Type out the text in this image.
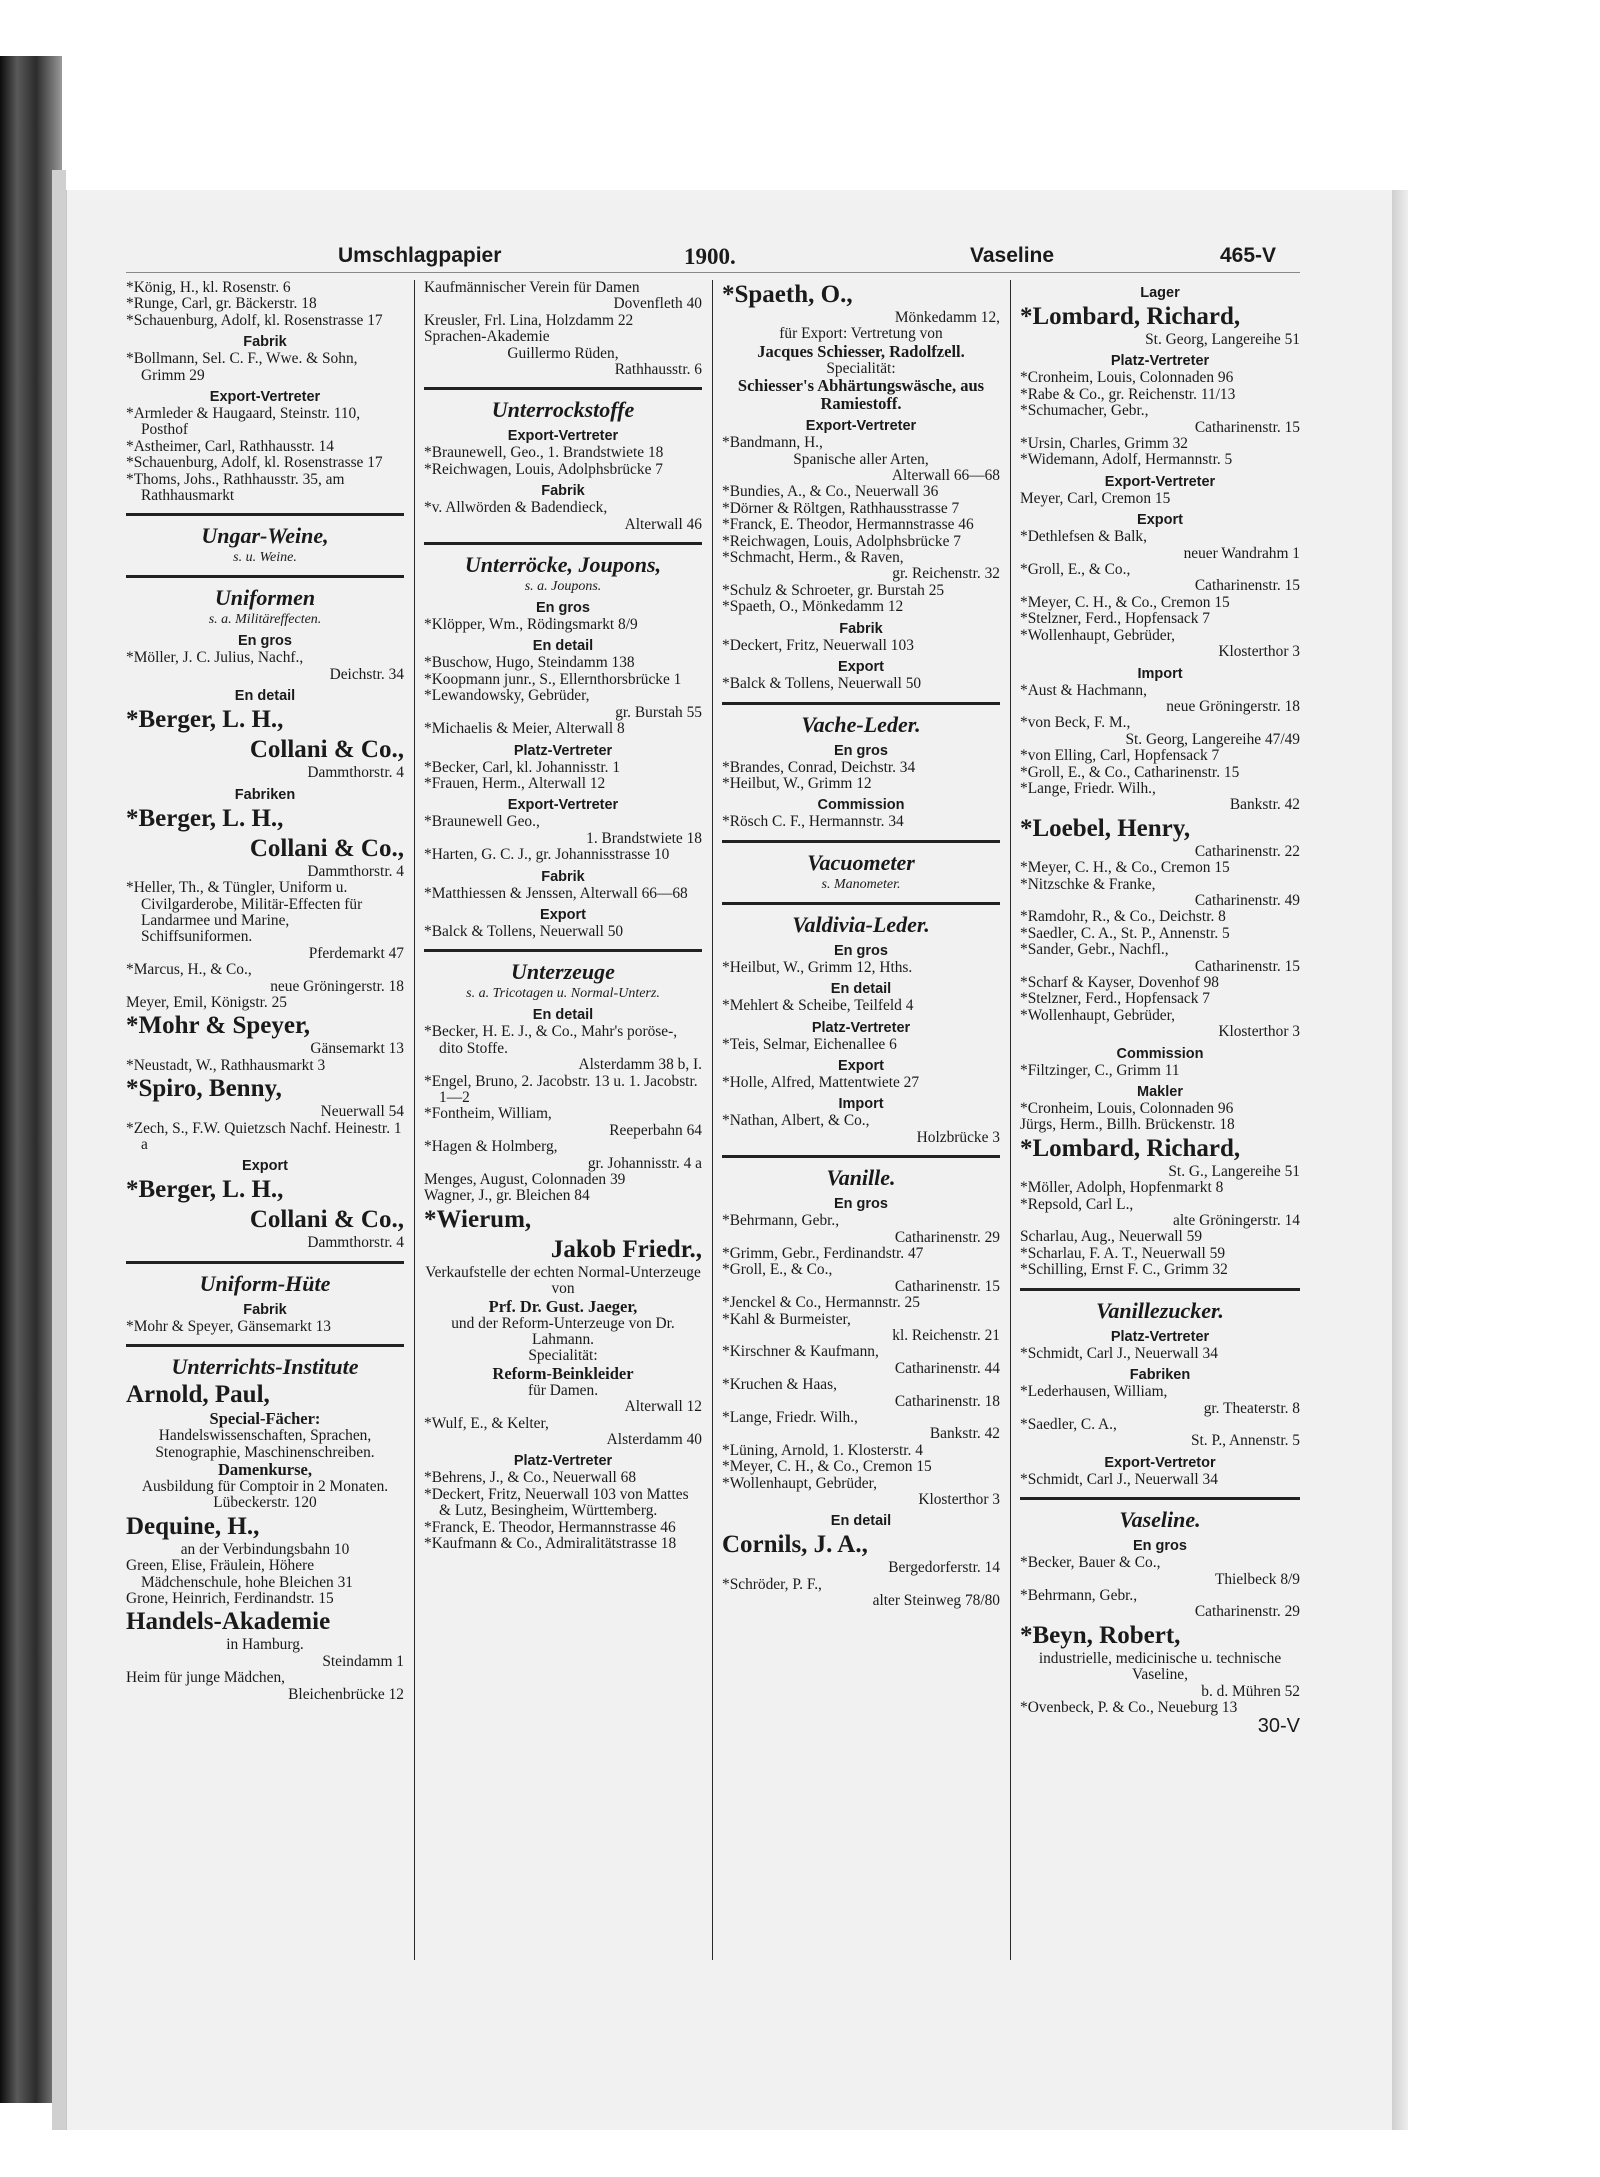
Umschlagpapier	1900.	Vaseline	465-V
*König, H., kl. Rosenstr. 6
*Runge, Carl, gr. Bäckerstr. 18
*Schauenburg, Adolf, kl. Rosenstrasse 17
Fabrik
*Bollmann, Sel. C. F., Wwe. & Sohn, Grimm 29
Export-Vertreter
*Armleder & Haugaard, Steinstr. 110, Posthof
*Astheimer, Carl, Rathhausstr. 14
*Schauenburg, Adolf, kl. Rosenstrasse 17
*Thoms, Johs., Rathhausstr. 35, am Rathhausmarkt
Ungar-Weine,
s. u. Weine.
Uniformen
s. a. Militäreffecten.
En gros
*Möller, J. C. Julius, Nachf.,
Deichstr. 34
En detail
*Berger, L. H.,
Collani & Co.,
Dammthorstr. 4
Fabriken
*Berger, L. H.,
Collani & Co.,
Dammthorstr. 4
*Heller, Th., & Tüngler, Uniform u. Civilgarderobe, Militär-Effecten für Landarmee und Marine, Schiffsuniformen.
Pferdemarkt 47
*Marcus, H., & Co.,
neue Gröningerstr. 18
Meyer, Emil, Königstr. 25
*Mohr & Speyer,
Gänsemarkt 13
*Neustadt, W., Rathhausmarkt 3
*Spiro, Benny,
Neuerwall 54
*Zech, S., F.W. Quietzsch Nachf. Heinestr. 1 a
Export
*Berger, L. H.,
Collani & Co.,
Dammthorstr. 4
Uniform-Hüte
Fabrik
*Mohr & Speyer, Gänsemarkt 13
Unterrichts-Institute
Arnold, Paul,
Special-Fächer:
Handelswissenschaften, Sprachen, Stenographie, Maschinenschreiben.
Damenkurse,
Ausbildung für Comptoir in 2 Monaten. Lübeckerstr. 120
Dequine, H.,
an der Verbindungsbahn 10
Green, Elise, Fräulein, Höhere Mädchenschule, hohe Bleichen 31
Grone, Heinrich, Ferdinandstr. 15
Handels-Akademie
in Hamburg.
Steindamm 1
Heim für junge Mädchen,
Bleichenbrücke 12
Kaufmännischer Verein für Damen
Dovenfleth 40
Kreusler, Frl. Lina, Holzdamm 22
Sprachen-Akademie
Guillermo Rüden,
Rathhausstr. 6
Unterrockstoffe
Export-Vertreter
*Braunewell, Geo., 1. Brandstwiete 18
*Reichwagen, Louis, Adolphsbrücke 7
Fabrik
*v. Allwörden & Badendieck,
Alterwall 46
Unterröcke, Joupons,
s. a. Joupons.
En gros
*Klöpper, Wm., Rödingsmarkt 8/9
En detail
*Buschow, Hugo, Steindamm 138
*Koopmann junr., S., Ellernthorsbrücke 1
*Lewandowsky, Gebrüder,
gr. Burstah 55
*Michaelis & Meier, Alterwall 8
Platz-Vertreter
*Becker, Carl, kl. Johannisstr. 1
*Frauen, Herm., Alterwall 12
Export-Vertreter
*Braunewell Geo.,
1. Brandstwiete 18
*Harten, G. C. J., gr. Johannisstrasse 10
Fabrik
*Matthiessen & Jenssen, Alterwall 66—68
Export
*Balck & Tollens, Neuerwall 50
Unterzeuge
s. a. Tricotagen u. Normal-Unterz.
En detail
*Becker, H. E. J., & Co., Mahr's poröse-, dito Stoffe.
Alsterdamm 38 b, I.
*Engel, Bruno, 2. Jacobstr. 13 u. 1. Jacobstr. 1—2
*Fontheim, William,
Reeperbahn 64
*Hagen & Holmberg,
gr. Johannisstr. 4 a
Menges, August, Colonnaden 39
Wagner, J., gr. Bleichen 84
*Wierum,
Jakob Friedr.,
Verkaufstelle der echten Normal-Unterzeuge von
Prf. Dr. Gust. Jaeger,
und der Reform-Unterzeuge von Dr. Lahmann.
Specialität:
Reform-Beinkleider
für Damen.
Alterwall 12
*Wulf, E., & Kelter,
Alsterdamm 40
Platz-Vertreter
*Behrens, J., & Co., Neuerwall 68
*Deckert, Fritz, Neuerwall 103 von Mattes & Lutz, Besingheim, Württemberg.
*Franck, E. Theodor, Hermannstrasse 46
*Kaufmann & Co., Admiralitätstrasse 18
*Spaeth, O.,
Mönkedamm 12,
für Export: Vertretung von
Jacques Schiesser, Radolfzell.
Specialität:
Schiesser's Abhärtungswäsche, aus Ramiestoff.
Export-Vertreter
*Bandmann, H.,
Spanische aller Arten,
Alterwall 66—68
*Bundies, A., & Co., Neuerwall 36
*Dörner & Röltgen, Rathhausstrasse 7
*Franck, E. Theodor, Hermannstrasse 46
*Reichwagen, Louis, Adolphsbrücke 7
*Schmacht, Herm., & Raven,
gr. Reichenstr. 32
*Schulz & Schroeter, gr. Burstah 25
*Spaeth, O., Mönkedamm 12
Fabrik
*Deckert, Fritz, Neuerwall 103
Export
*Balck & Tollens, Neuerwall 50
Vache-Leder.
En gros
*Brandes, Conrad, Deichstr. 34
*Heilbut, W., Grimm 12
Commission
*Rösch C. F., Hermannstr. 34
Vacuometer
s. Manometer.
Valdivia-Leder.
En gros
*Heilbut, W., Grimm 12, Hths.
En detail
*Mehlert & Scheibe, Teilfeld 4
Platz-Vertreter
*Teis, Selmar, Eichenallee 6
Export
*Holle, Alfred, Mattentwiete 27
Import
*Nathan, Albert, & Co.,
Holzbrücke 3
Vanille.
En gros
*Behrmann, Gebr.,
Catharinenstr. 29
*Grimm, Gebr., Ferdinandstr. 47
*Groll, E., & Co.,
Catharinenstr. 15
*Jenckel & Co., Hermannstr. 25
*Kahl & Burmeister,
kl. Reichenstr. 21
*Kirschner & Kaufmann,
Catharinenstr. 44
*Kruchen & Haas,
Catharinenstr. 18
*Lange, Friedr. Wilh.,
Bankstr. 42
*Lüning, Arnold, 1. Klosterstr. 4
*Meyer, C. H., & Co., Cremon 15
*Wollenhaupt, Gebrüder,
Klosterthor 3
En detail
Cornils, J. A.,
Bergedorferstr. 14
*Schröder, P. F.,
alter Steinweg 78/80
Lager
*Lombard, Richard,
St. Georg, Langereihe 51
Platz-Vertreter
*Cronheim, Louis, Colonnaden 96
*Rabe & Co., gr. Reichenstr. 11/13
*Schumacher, Gebr.,
Catharinenstr. 15
*Ursin, Charles, Grimm 32
*Widemann, Adolf, Hermannstr. 5
Export-Vertreter
Meyer, Carl, Cremon 15
Export
*Dethlefsen & Balk,
neuer Wandrahm 1
*Groll, E., & Co.,
Catharinenstr. 15
*Meyer, C. H., & Co., Cremon 15
*Stelzner, Ferd., Hopfensack 7
*Wollenhaupt, Gebrüder,
Klosterthor 3
Import
*Aust & Hachmann,
neue Gröningerstr. 18
*von Beck, F. M.,
St. Georg, Langereihe 47/49
*von Elling, Carl, Hopfensack 7
*Groll, E., & Co., Catharinenstr. 15
*Lange, Friedr. Wilh.,
Bankstr. 42
*Loebel, Henry,
Catharinenstr. 22
*Meyer, C. H., & Co., Cremon 15
*Nitzschke & Franke,
Catharinenstr. 49
*Ramdohr, R., & Co., Deichstr. 8
*Saedler, C. A., St. P., Annenstr. 5
*Sander, Gebr., Nachfl.,
Catharinenstr. 15
*Scharf & Kayser, Dovenhof 98
*Stelzner, Ferd., Hopfensack 7
*Wollenhaupt, Gebrüder,
Klosterthor 3
Commission
*Filtzinger, C., Grimm 11
Makler
*Cronheim, Louis, Colonnaden 96
Jürgs, Herm., Billh. Brückenstr. 18
*Lombard, Richard,
St. G., Langereihe 51
*Möller, Adolph, Hopfenmarkt 8
*Repsold, Carl L.,
alte Gröningerstr. 14
Scharlau, Aug., Neuerwall 59
*Scharlau, F. A. T., Neuerwall 59
*Schilling, Ernst F. C., Grimm 32
Vanillezucker.
Platz-Vertreter
*Schmidt, Carl J., Neuerwall 34
Fabriken
*Lederhausen, William,
gr. Theaterstr. 8
*Saedler, C. A.,
St. P., Annenstr. 5
Export-Vertretor
*Schmidt, Carl J., Neuerwall 34
Vaseline.
En gros
*Becker, Bauer & Co.,
Thielbeck 8/9
*Behrmann, Gebr.,
Catharinenstr. 29
*Beyn, Robert,
industrielle, medicinische u. technische Vaseline,
b. d. Mühren 52
*Ovenbeck, P. & Co., Neueburg 13
30-V
